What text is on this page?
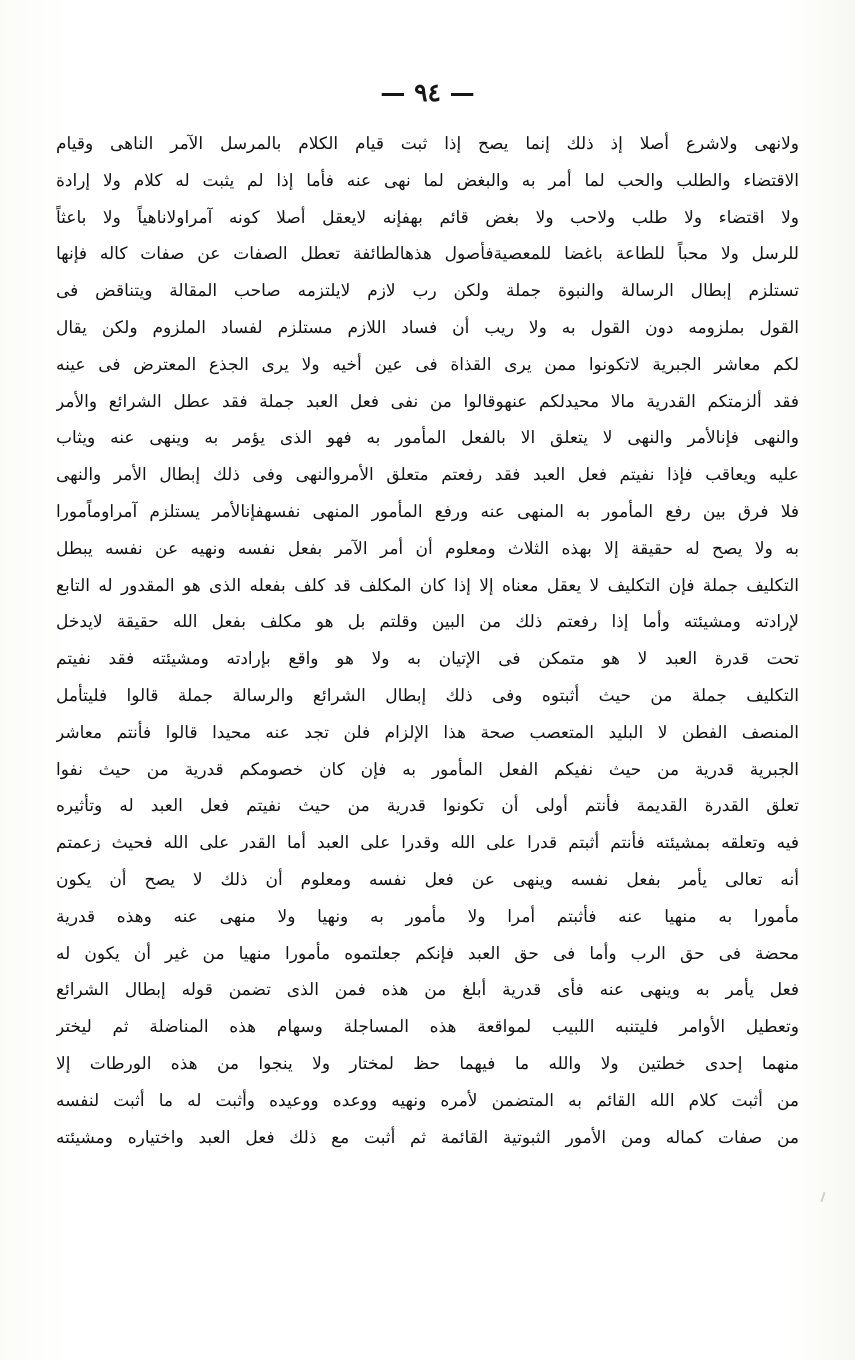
— ٩٤ —
ولانهى ولاشرع أصلا إذ ذلك إنما يصح إذا ثبت قيام الكلام بالمرسل الآمر الناهى وقيام
الاقتضاء والطلب والحب لما أمر به والبغض لما نهى عنه فأما إذا لم يثبت له كلام ولا إرادة
ولا اقتضاء ولا طلب ولاحب ولا بغض قائم بهفإنه لايعقل أصلا كونه آمراولاناهياً ولا باعثاً
للرسل ولا محباً للطاعة باغضا للمعصيةفأصول هذهالطائفة تعطل الصفات عن صفات كاله فإنها
تستلزم إبطال الرسالة والنبوة جملة ولكن رب لازم لايلتزمه صاحب المقالة ويتناقض فى
القول بملزومه دون القول به ولا ريب أن فساد اللازم مستلزم لفساد الملزوم ولكن يقال
لكم معاشر الجبرية لاتكونوا ممن يرى القذاة فى عين أخيه ولا يرى الجذع المعترض فى عينه
فقد ألزمتكم القدرية مالا محيدلكم عنهوقالوا من نفى فعل العبد جملة فقد عطل الشرائع والأمر
والنهى فإنالأمر والنهى لا يتعلق الا بالفعل المأمور به فهو الذى يؤمر به وينهى عنه ويثاب
عليه ويعاقب فإذا نفيتم فعل العبد فقد رفعتم متعلق الأمروالنهى وفى ذلك إبطال الأمر والنهى
فلا فرق بين رفع المأمور به المنهى عنه ورفع المأمور المنهى نفسهفإنالأمر يستلزم آمراوماًمورا
به ولا يصح له حقيقة إلا بهذه الثلاث ومعلوم أن أمر الآمر بفعل نفسه ونهيه عن نفسه يبطل
التكليف جملة فإن التكليف لا يعقل معناه إلا إذا كان المكلف قد كلف بفعله الذى هو المقدور له التابع
لإرادته ومشيئته وأما إذا رفعتم ذلك من البين وقلتم بل هو مكلف بفعل الله حقيقة لايدخل
تحت قدرة العبد لا هو متمكن فى الإتيان به ولا هو واقع بإرادته ومشيئته فقد نفيتم
التكليف جملة من حيث أثبتوه وفى ذلك إبطال الشرائع والرسالة جملة قالوا فليتأمل
المنصف الفطن لا البليد المتعصب صحة هذا الإلزام فلن تجد عنه محيدا قالوا فأنتم معاشر
الجبرية قدرية من حيث نفيكم الفعل المأمور به فإن كان خصومكم قدرية من حيث نفوا
تعلق القدرة القديمة فأنتم أولى أن تكونوا قدرية من حيث نفيتم فعل العبد له وتأثيره
فيه وتعلقه بمشيئته فأنتم أثبتم قدرا على الله وقدرا على العبد أما القدر على الله فحيث زعمتم
أنه تعالى يأمر بفعل نفسه وينهى عن فعل نفسه ومعلوم أن ذلك لا يصح أن يكون
مأمورا به منهيا عنه فأثبتم أمرا ولا مأمور به ونهيا ولا منهى عنه وهذه قدرية
محضة فى حق الرب وأما فى حق العبد فإنكم جعلتموه مأمورا منهيا من غير أن يكون له
فعل يأمر به وينهى عنه فأى قدرية أبلغ من هذه فمن الذى تضمن قوله إبطال الشرائع
وتعطيل الأوامر فليتنبه اللبيب لمواقعة هذه المساجلة وسهام هذه المناضلة ثم ليختر
منهما إحدى خطتين ولا والله ما فيهما حظ لمختار ولا ينجوا من هذه الورطات إلا
من أثبت كلام الله القائم به المتضمن لأمره ونهيه ووعده ووعيده وأثبت له ما أثبت لنفسه
من صفات كماله ومن الأمور الثبوتية القائمة ثم أثبت مع ذلك فعل العبد واختياره ومشيئته
